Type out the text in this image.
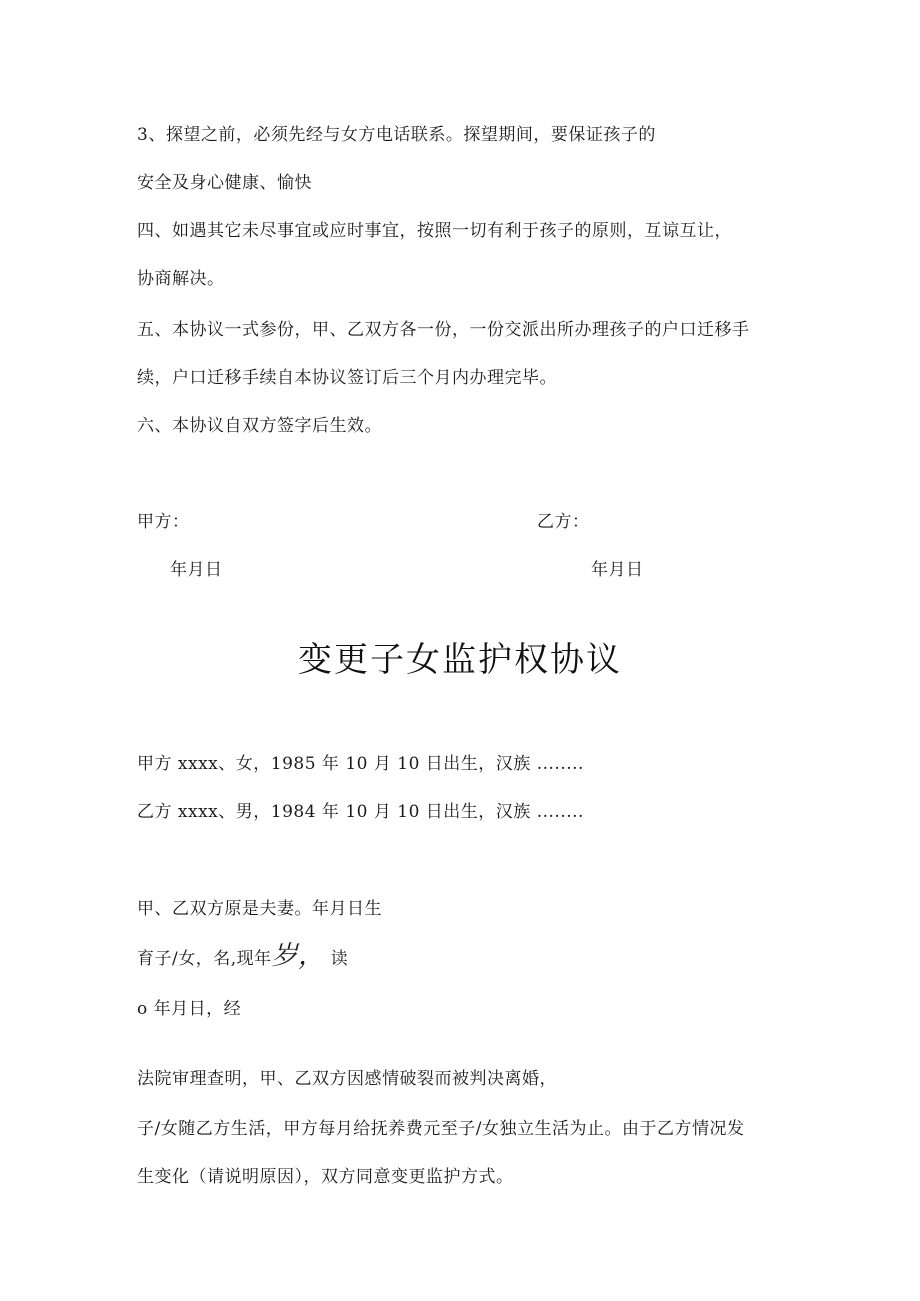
3、探望之前，必须先经与女方电话联系。探望期间，要保证孩子的
安全及身心健康、愉快
四、如遇其它未尽事宜或应时事宜，按照一切有利于孩子的原则，互谅互让，
协商解决。
五、本协议一式参份，甲、乙双方各一份，一份交派出所办理孩子的户口迁移手
续，户口迁移手续自本协议签订后三个月内办理完毕。
六、本协议自双方签字后生效。
甲方：	乙方：
年月日	年月日
变更子女监护权协议
甲方 xxxx、女，1985 年 10 月 10 日出生，汉族 ........
乙方 xxxx、男，1984 年 10 月 10 日出生，汉族 ........
甲、乙双方原是夫妻。年月日生
育子/女，名,现年岁， 读
o 年月日，经
法院审理查明，甲、乙双方因感情破裂而被判决离婚，
子/女随乙方生活，甲方每月给抚养费元至子/女独立生活为止。由于乙方情况发
生变化（请说明原因），双方同意变更监护方式。
